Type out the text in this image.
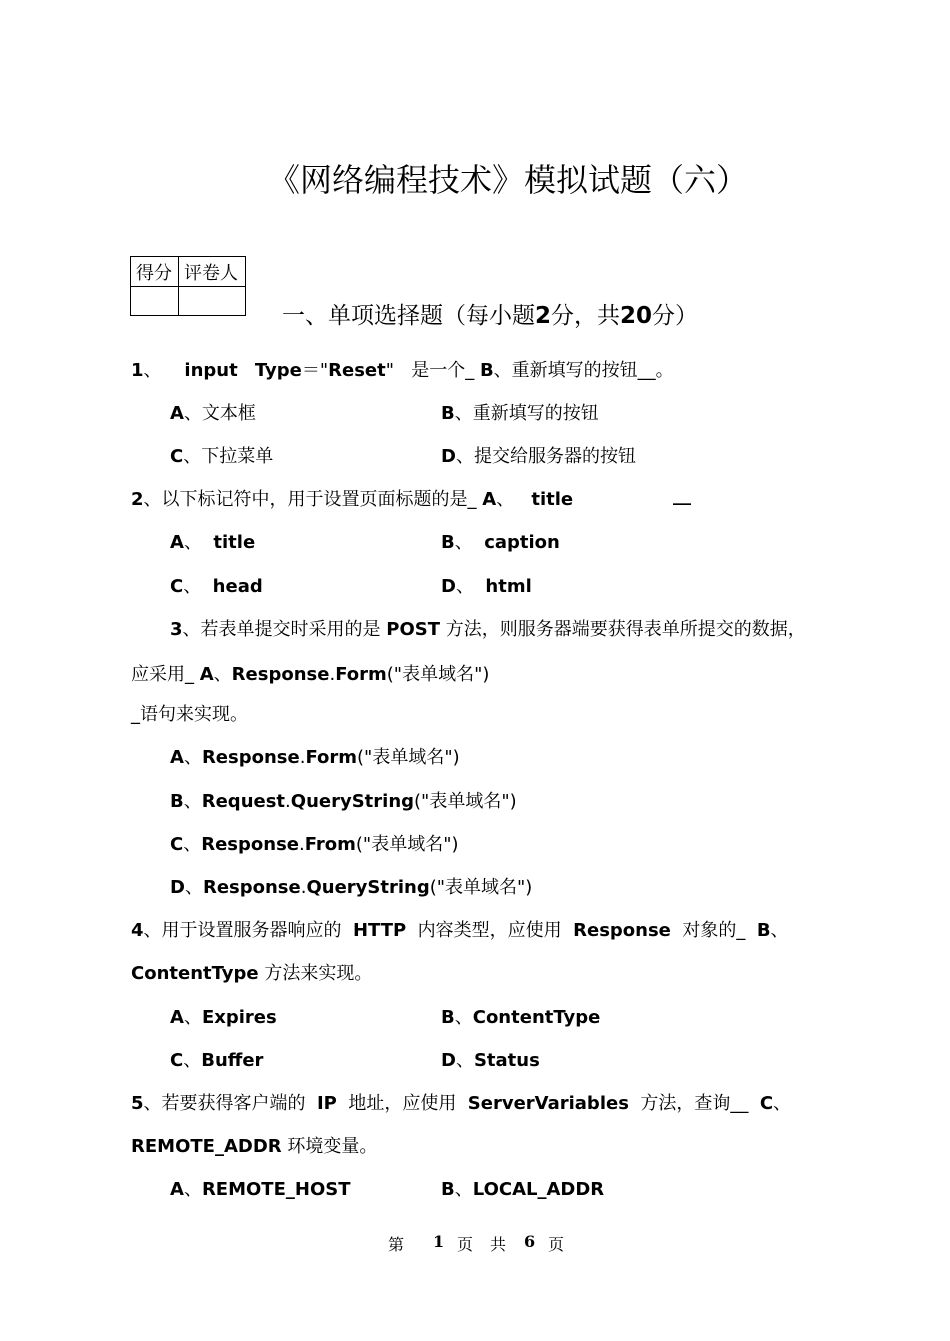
《网络编程技术》模拟试题（六）
得分 评卷人
一、单项选择题（每小题2分，共20分）
1、 input Type＝"Reset" 是一个_ B、重新填写的按钮__。
A、文本框	B、重新填写的按钮
C、下拉菜单	D、提交给服务器的按钮
2、以下标记符中，用于设置页面标题的是_ A、 title	__
A、 title	B、 caption
C、 head	D、 html
3、若表单提交时采用的是 POST 方法，则服务器端要获得表单所提交的数据，
应采用_ A、Response.Form("表单域名")
_语句来实现。
A、Response.Form("表单域名")
B、Request.QueryString("表单域名")
C、Response.From("表单域名")
D、Response.QueryString("表单域名")
4、用于设置服务器响应的 HTTP 内容类型，应使用 Response 对象的_ B、
ContentType 方法来实现。
A、Expires	B、ContentType
C、Buffer	D、Status
5、若要获得客户端的 IP 地址，应使用 ServerVariables 方法，查询__ C、
REMOTE_ADDR 环境变量。
A、REMOTE_HOST	B、LOCAL_ADDR
第 1 页 共 6 页
